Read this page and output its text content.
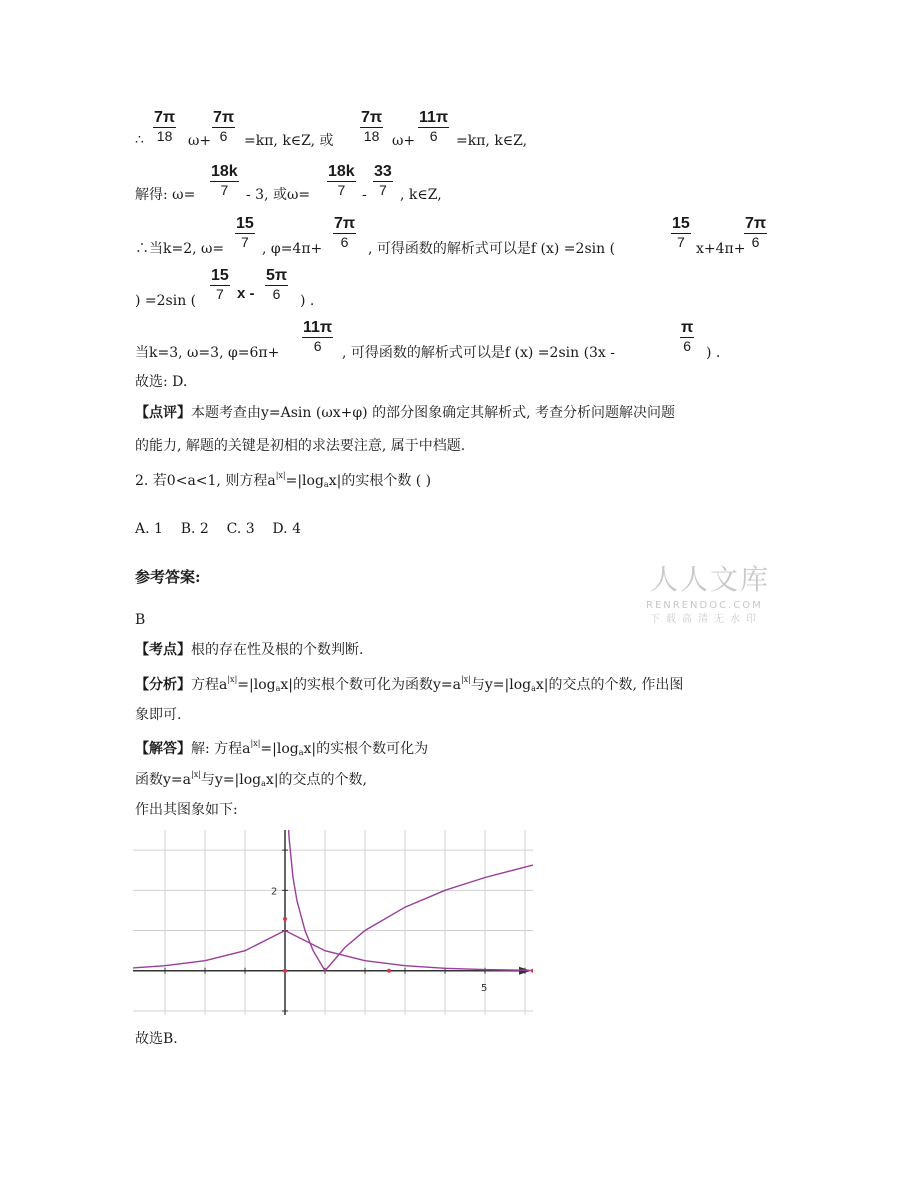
∴
7π
18 ω+
7π
6 =kπ, k∈Z, 或
7π
18 ω+
11π
6 =kπ, k∈Z,
解得: ω=
18k
7 - 3, 或ω=
18k
7 -
33
7 , k∈Z,
∴当k=2, ω=
15
7 , φ=4π+
7π
6 , 可得函数的解析式可以是f (x) =2sin (
15
7 x+4π+
7π
6
) =2sin (
15
7 x -
5π
6 ) .
当k=3, ω=3, φ=6π+
11π
6 , 可得函数的解析式可以是f (x) =2sin (3x -
π
6 ) .
故选: D.
【点评】本题考查由y=Asin (ωx+φ) 的部分图象确定其解析式, 考查分析问题解决问题
的能力, 解题的关键是初相的求法要注意, 属于中档题.
2. 若0<a<1, 则方程$a^{|x|}=|\log_ax|$的实根个数 ( )
A. 1    B. 2    C. 3    D. 4
参考答案:	人人文库
RENRENDOC.COM
下载高清无水印
B
【考点】根的存在性及根的个数判断.
【分析】方程$a^{|x|}=|\log_ax|$的实根个数可化为函数$y=a^{|x|}$与$y=|\log_ax|$的交点的个数, 作出图
象即可.
【解答】解: 方程$a^{|x|}=|\log_ax|$的实根个数可化为
函数$y=a^{|x|}$与$y=|\log_ax|$的交点的个数,
作出其图象如下:
2
5
故选B.
